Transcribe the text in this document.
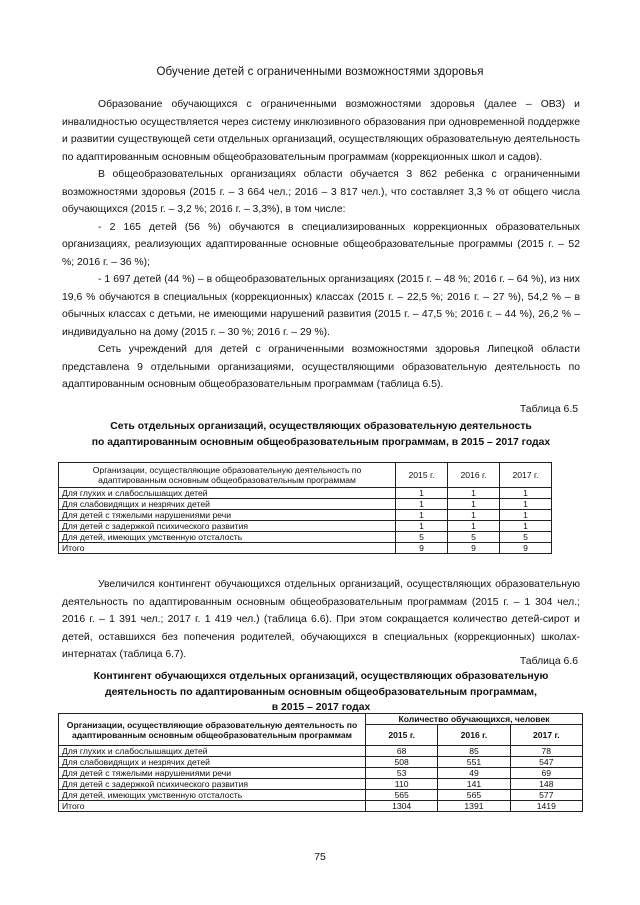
Обучение детей с ограниченными возможностями здоровья

Образование обучающихся с ограниченными возможностями здоровья (далее – ОВЗ) и инвалидностью осуществляется через систему инклюзивного образования при одновременной поддержке и развитии существующей сети отдельных организаций, осуществляющих образовательную деятельность по адаптированным основным общеобразовательным программам (коррекционных школ и садов).

В общеобразовательных организациях области обучается 3 862 ребенка с ограниченными возможностями здоровья (2015 г. – 3 664 чел.; 2016 – 3 817 чел.), что составляет 3,3 % от общего числа обучающихся (2015 г. – 3,2 %; 2016 г. – 3,3%), в том числе:

- 2 165 детей (56 %) обучаются в специализированных коррекционных образовательных организациях, реализующих адаптированные основные общеобразовательные программы (2015 г. – 52 %; 2016 г. – 36 %);

- 1 697 детей (44 %) – в общеобразовательных организациях (2015 г. – 48 %; 2016 г. – 64 %), из них 19,6 % обучаются в специальных (коррекционных) классах (2015 г. – 22,5 %; 2016 г. – 27 %), 54,2 % – в обычных классах с детьми, не имеющими нарушений развития (2015 г. – 47,5 %; 2016 г. – 44 %), 26,2 % – индивидуально на дому (2015 г. – 30 %; 2016 г. – 29 %).

Сеть учреждений для детей с ограниченными возможностями здоровья Липецкой области представлена 9 отдельными организациями, осуществляющими образовательную деятельность по адаптированным основным общеобразовательным программам (таблица 6.5).

Таблица 6.5
Сеть отдельных организаций, осуществляющих образовательную деятельность
по адаптированным основным общеобразовательным программам, в 2015 – 2017 годах
Организации, осуществляющие образовательную деятельность по адаптированным основным общеобразовательным программам	2015 г.	2016 г.	2017 г.
Для глухих и слабослышащих детей	1	1	1
Для слабовидящих и незрячих детей	1	1	1
Для детей с тяжелыми нарушениями речи	1	1	1
Для детей с задержкой психического развития	1	1	1
Для детей, имеющих умственную отсталость	5	5	5
Итого	9	9	9

Увеличился контингент обучающихся отдельных организаций, осуществляющих образовательную деятельность по адаптированным основным общеобразовательным программам (2015 г. – 1 304 чел.; 2016 г. – 1 391 чел.; 2017 г. 1 419 чел.) (таблица 6.6). При этом сокращается количество детей-сирот и детей, оставшихся без попечения родителей, обучающихся в специальных (коррекционных) школах-интернатах (таблица 6.7).

Таблица 6.6
Контингент обучающихся отдельных организаций, осуществляющих образовательную
деятельность по адаптированным основным общеобразовательным программам,
в 2015 – 2017 годах
Организации, осуществляющие образовательную деятельность по адаптированным основным общеобразовательным программам	Количество обучающихся, человек		
	2015 г.	2016 г.	2017 г.
Для глухих и слабослышащих детей	68	85	78
Для слабовидящих и незрячих детей	508	551	547
Для детей с тяжелыми нарушениями речи	53	49	69
Для детей с задержкой психического развития	110	141	148
Для детей, имеющих умственную отсталость	565	565	577
Итого	1304	1391	1419
75
